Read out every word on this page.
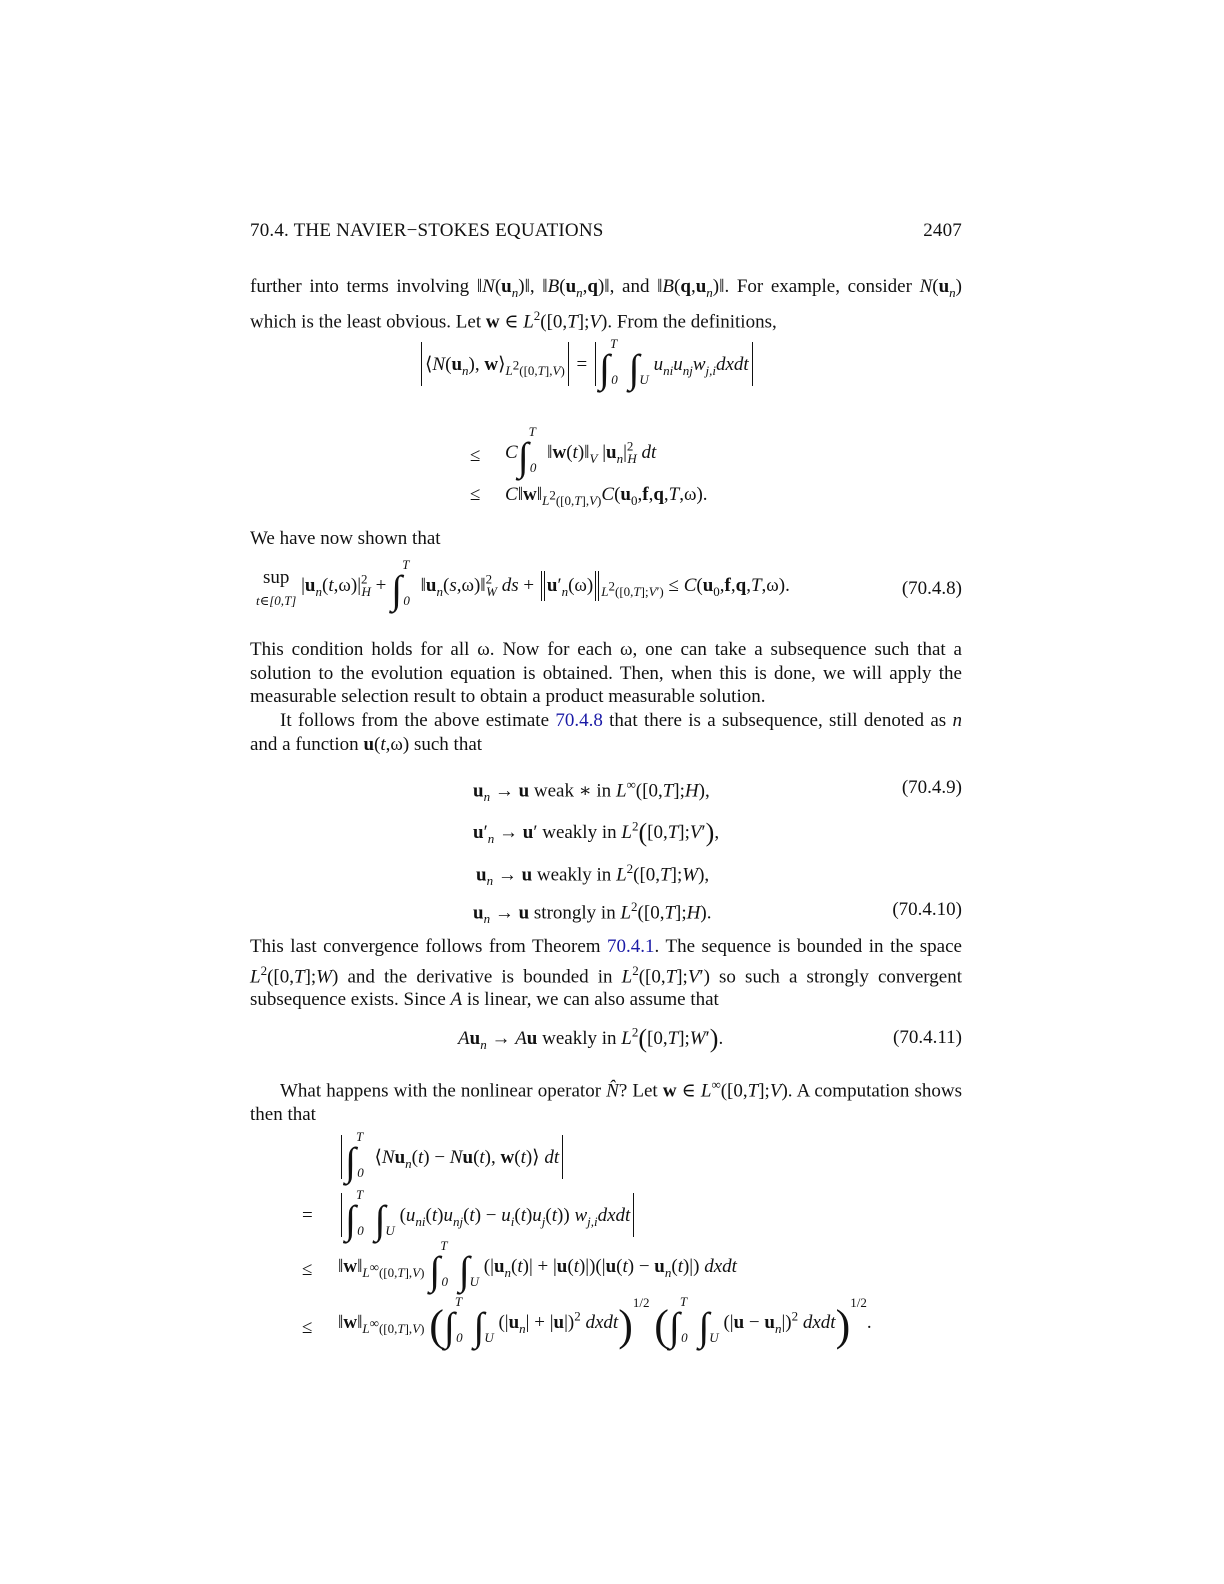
70.4. THE NAVIER−STOKES EQUATIONS	2407
further into terms involving $‖N(u_n)‖$, $‖B(u_n,q)‖$, and $‖B(q,u_n)‖$. For example, consider $N(u_n)$ which is the least obvious. Let w ∈ $L^2([0,T];V)$. From the definitions,
$⟨N(u_n)$, $w⟩_{L^2([0,T],V)} = \int^T_0$ $\int_U$ $u_{ni}u_{nj}w_{j,i}dxdt$
≤ C∫$^T_0$ $‖w(t)‖_V$ $|u_n|^2_H$ dt
≤ $C‖w‖_{L^2([0,T],V)}C(u_0,f,q,T,\omega)$.
We have now shown that
sup
t∈[0,T] $|u_n(t,\omega)|^2_H + \int^T_0$ $‖u_n(s,\omega)‖^2_W$ ds + $u'_n(\omega) _{L^2([0,T];V')} \le C(u_0,f,q,T,\omega)$.	(70.4.8)
This condition holds for all ω. Now for each ω, one can take a subsequence such that a solution to the evolution equation is obtained. Then, when this is done, we will apply the measurable selection result to obtain a product measurable solution.
It follows from the above estimate 70.4.8 that there is a subsequence, still denoted as n and a function u(t,ω) such that
$u_n \to u$ weak ∗ in L∞([0,T];H),	(70.4.9)
$u'_n \to u'$ weakly in $L^2([0,T];V')$,
$u_n \to u$ weakly in $L^2([0,T];W)$,
$u_n \to u$ strongly in $L^2([0,T];H)$.	(70.4.10)
This last convergence follows from Theorem 70.4.1. The sequence is bounded in the space $L^2([0,T];W)$ and the derivative is bounded in $L^2([0,T];V')$ so such a strongly convergent subsequence exists. Since A is linear, we can also assume that
$Au_n \to Au$ weakly in $L^2([0,T];W')$.	(70.4.11)
What happens with the nonlinear operator N̂? Let w ∈ L∞([0,T];V). A computation shows then that
∫$^T_0$ $⟨Nu_n(t) - Nu(t)$, w(t)⟩ dt
= ∫$^T_0$ $\int_U$ $(u_{ni}(t)u_{nj}(t) - u_i(t)u_j(t))$ $w_{j,i}dxdt$
≤ $‖w‖_{L^\infty([0,T],V)}$ ∫$^T_0$ $\int_U$ $(|u_n(t)| + |u(t)|)(|u(t) - u_n(t)|)$ dxdt
≤ $‖w‖_{L^\infty([0,T],V)}$ (∫$^T_0$ $\int_U$ $(|u_n| + |u|)^2$ dxdt)$^{1/2}$ (∫$^T_0$ $\int_U$ $(|u - u_n|)^2$ dxdt)$^{1/2}$.
